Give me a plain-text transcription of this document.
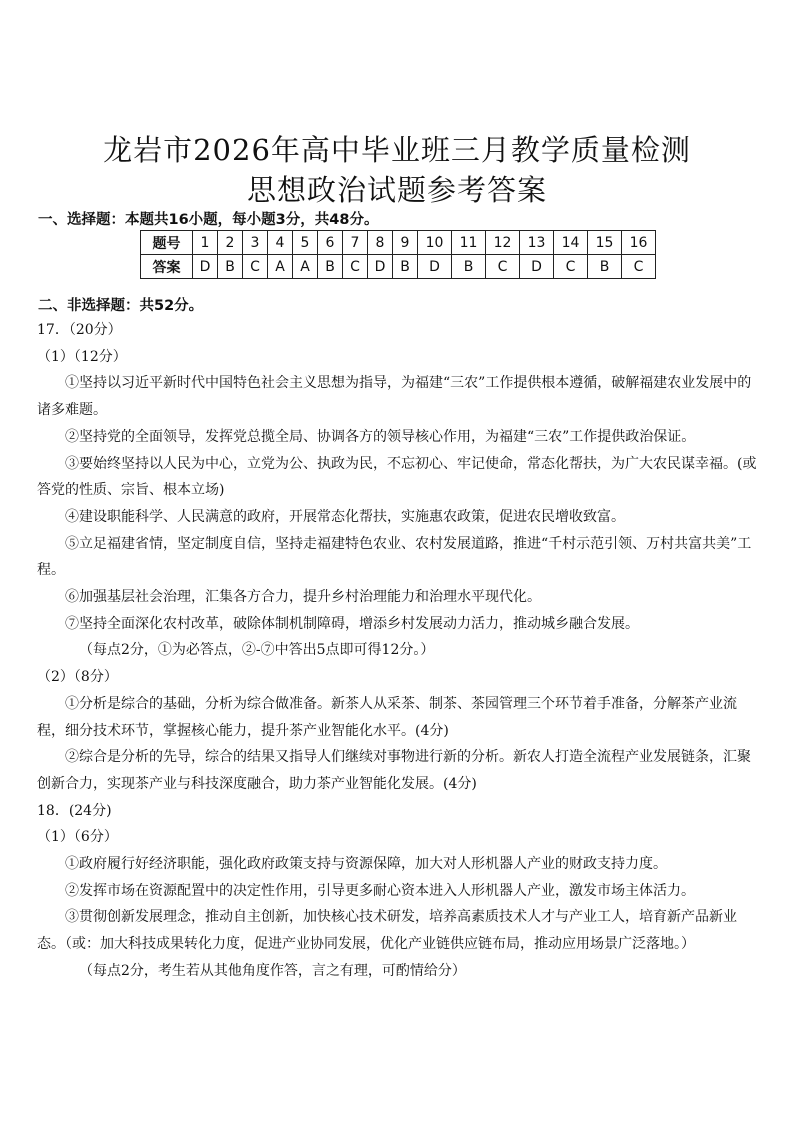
龙岩市2026年高中毕业班三月教学质量检测
思想政治试题参考答案
一、选择题：本题共16小题，每小题3分，共48分。
题号	1	2	3	4	5	6	7	8	9	10	11	12	13	14	15	16
答案	D	B	C	A	A	B	C	D	B	D	B	C	D	C	B	C
二、非选择题：共52分。

17．（20分）

（1）（12分）

①坚持以习近平新时代中国特色社会主义思想为指导，为福建“三农”工作提供根本遵循，破解福建农业发展中的诸多难题。

②坚持党的全面领导，发挥党总揽全局、协调各方的领导核心作用，为福建“三农”工作提供政治保证。

③要始终坚持以人民为中心，立党为公、执政为民，不忘初心、牢记使命，常态化帮扶，为广大农民谋幸福。(或答党的性质、宗旨、根本立场)

④建设职能科学、人民满意的政府，开展常态化帮扶，实施惠农政策，促进农民增收致富。

⑤立足福建省情，坚定制度自信，坚持走福建特色农业、农村发展道路，推进“千村示范引领、万村共富共美”工程。

⑥加强基层社会治理，汇集各方合力，提升乡村治理能力和治理水平现代化。

⑦坚持全面深化农村改革，破除体制机制障碍，增添乡村发展动力活力，推动城乡融合发展。

（每点2分，①为必答点，②-⑦中答出5点即可得12分。）

（2）（8分）

①分析是综合的基础，分析为综合做准备。新茶人从采茶、制茶、茶园管理三个环节着手准备，分解茶产业流程，细分技术环节，掌握核心能力，提升茶产业智能化水平。(4分)

②综合是分析的先导，综合的结果又指导人们继续对事物进行新的分析。新农人打造全流程产业发展链条，汇聚创新合力，实现茶产业与科技深度融合，助力茶产业智能化发展。(4分)

18．(24分)

（1）（6分）

①政府履行好经济职能，强化政府政策支持与资源保障，加大对人形机器人产业的财政支持力度。

②发挥市场在资源配置中的决定性作用，引导更多耐心资本进入人形机器人产业，激发市场主体活力。

③贯彻创新发展理念，推动自主创新，加快核心技术研发，培养高素质技术人才与产业工人，培育新产品新业态。（或：加大科技成果转化力度，促进产业协同发展，优化产业链供应链布局，推动应用场景广泛落地。）

（每点2分，考生若从其他角度作答，言之有理，可酌情给分）
